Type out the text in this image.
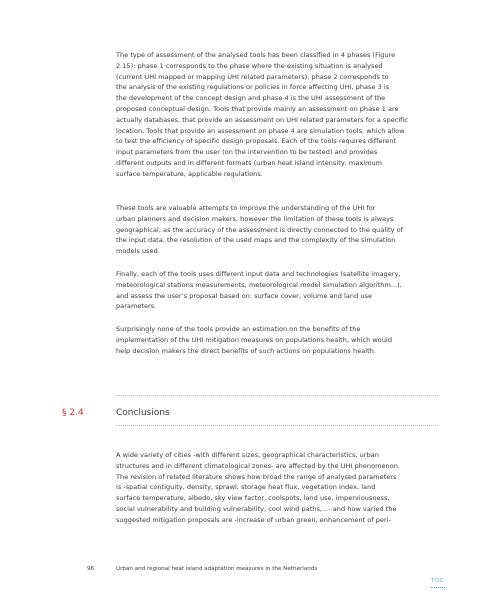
The type of assessment of the analysed tools has been classified in 4 phases (Figure
2.15): phase 1 corresponds to the phase where the existing situation is analysed
(current UHI mapped or mapping UHI related parameters), phase 2 corresponds to
the analysis of the existing regulations or policies in force affecting UHI, phase 3 is
the development of the concept design and phase 4 is the UHI assessment of the
proposed conceptual design. Tools that provide mainly an assessment on phase 1 are
actually databases, that provide an assessment on UHI related parameters for a specific
location. Tools that provide an assessment on phase 4 are simulation tools, which allow
to test the efficiency of specific design proposals. Each of the tools requires different
input parameters from the user (on the intervention to be tested) and provides
different outputs and in different formats (urban heat island intensity, maximum
surface temperature, applicable regulations.
These tools are valuable attempts to improve the understanding of the UHI for
urban planners and decision makers, however the limitation of these tools is always
geographical, as the accuracy of the assessment is directly connected to the quality of
the input data, the resolution of the used maps and the complexity of the simulation
models used.
Finally, each of the tools uses different input data and technologies (satellite imagery,
meteorological stations measurements, meteorological model simulation algorithm...),
and assess the user’s proposal based on: surface cover, volume and land use
parameters.
Surprisingly none of the tools provide an estimation on the benefits of the
implementation of the UHI mitigation measures on populations health, which would
help decision makers the direct benefits of such actions on populations health.
§ 2.4	Conclusions
A wide variety of cities -with different sizes, geographical characteristics, urban
structures and in different climatological zones- are affected by the UHI phenomenon.
The revision of related literature shows how broad the range of analysed parameters
is -spatial contiguity, density, sprawl, storage heat flux, vegetation index, land
surface temperature, albedo, sky view factor, coolspots, land use, imperviousness,
social vulnerability and building vulnerability, cool wind paths,...- and how varied the
suggested mitigation proposals are -increase of urban green, enhancement of peri-
96	Urban and regional heat island adaptation measures in the Netherlands
TOC
